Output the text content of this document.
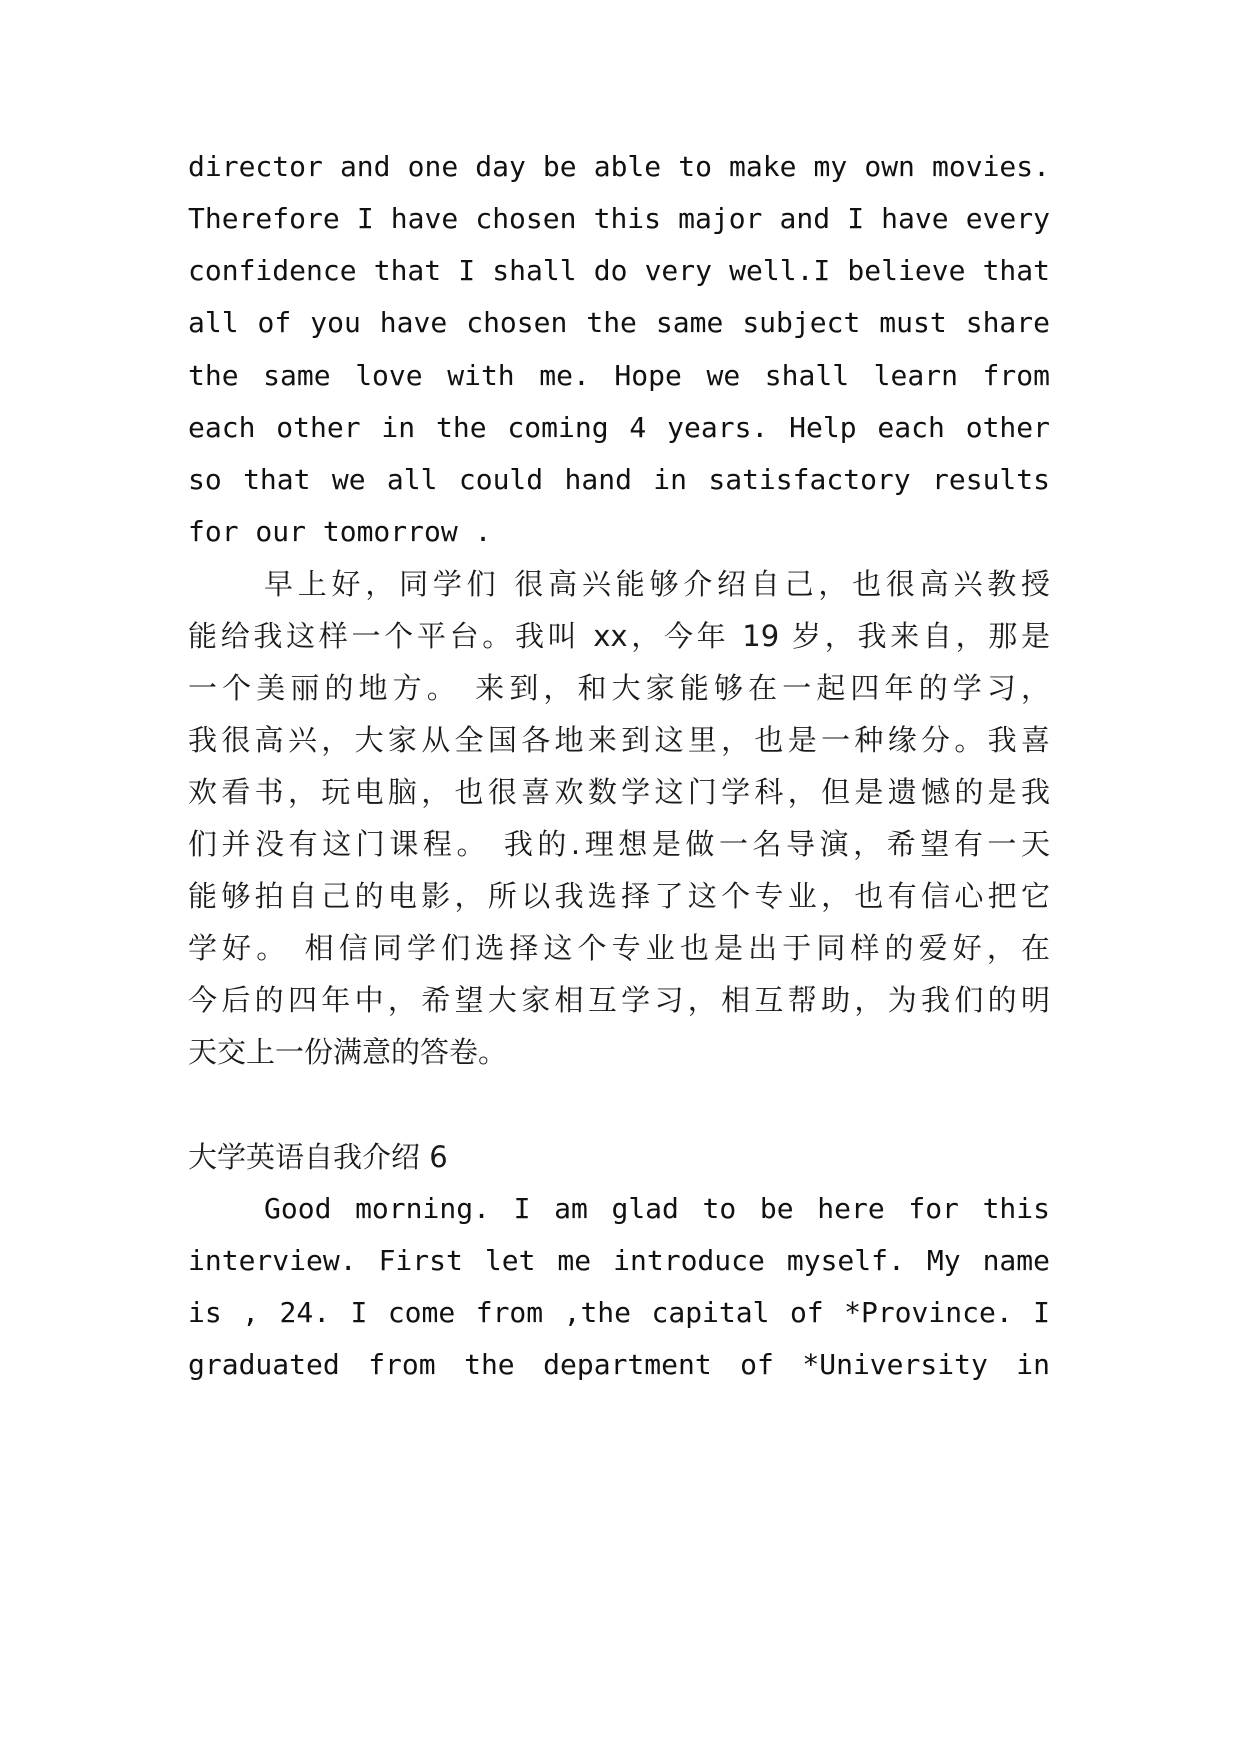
director and one day be able to make my own movies.
Therefore I have chosen this major and I have every
confidence that I shall do very well.I believe that
all of you have chosen the same subject must share
the same love with me. Hope we shall learn from
each other in the coming 4 years. Help each other
so that we all could hand in satisfactory results
for our tomorrow .
早上好，同学们 很高兴能够介绍自己，也很高兴教授
能给我这样一个平台。我叫 xx，今年 19 岁，我来自，那是
一个美丽的地方。 来到，和大家能够在一起四年的学习，
我很高兴，大家从全国各地来到这里，也是一种缘分。我喜
欢看书，玩电脑，也很喜欢数学这门学科，但是遗憾的是我
们并没有这门课程。 我的.理想是做一名导演，希望有一天
能够拍自己的电影，所以我选择了这个专业，也有信心把它
学好。 相信同学们选择这个专业也是出于同样的爱好，在
今后的四年中，希望大家相互学习，相互帮助，为我们的明
天交上一份满意的答卷。
大学英语自我介绍 6
Good morning. I am glad to be here for this
interview. First let me introduce myself. My name
is , 24. I come from ,the capital of *Province. I
graduated from the department of *University in
